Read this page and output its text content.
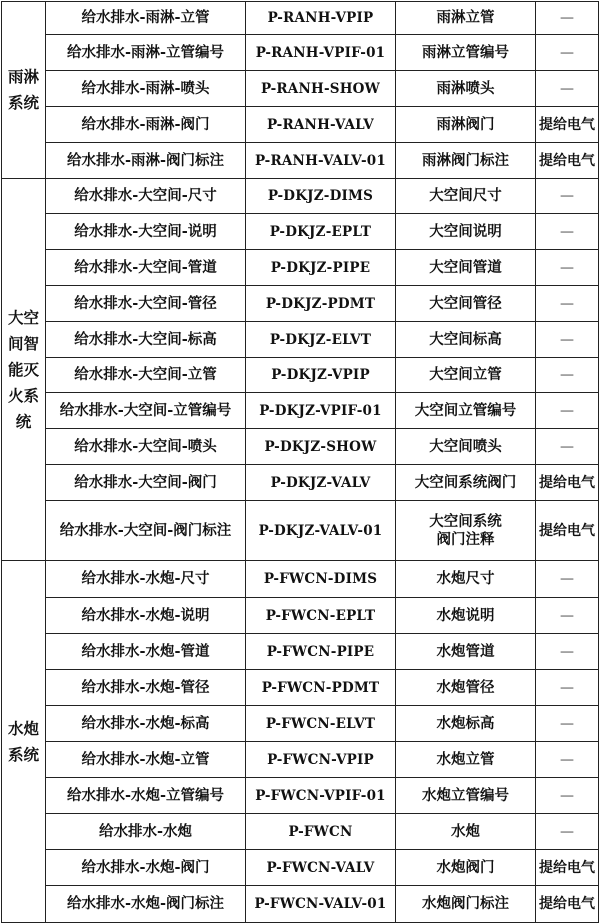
雨淋
系统	给水排水-雨淋-立管	P-RANH-VPIP	雨淋立管	—
	给水排水-雨淋-立管编号	P-RANH-VPIF-01	雨淋立管编号	—
	给水排水-雨淋-喷头	P-RANH-SHOW	雨淋喷头	—
	给水排水-雨淋-阀门	P-RANH-VALV	雨淋阀门	提给电气
	给水排水-雨淋-阀门标注	P-RANH-VALV-01	雨淋阀门标注	提给电气
大空
间智
能灭
火系
统	给水排水-大空间-尺寸	P-DKJZ-DIMS	大空间尺寸	—
	给水排水-大空间-说明	P-DKJZ-EPLT	大空间说明	—
	给水排水-大空间-管道	P-DKJZ-PIPE	大空间管道	—
	给水排水-大空间-管径	P-DKJZ-PDMT	大空间管径	—
	给水排水-大空间-标高	P-DKJZ-ELVT	大空间标高	—
	给水排水-大空间-立管	P-DKJZ-VPIP	大空间立管	—
	给水排水-大空间-立管编号	P-DKJZ-VPIF-01	大空间立管编号	—
	给水排水-大空间-喷头	P-DKJZ-SHOW	大空间喷头	—
	给水排水-大空间-阀门	P-DKJZ-VALV	大空间系统阀门	提给电气
	给水排水-大空间-阀门标注	P-DKJZ-VALV-01	大空间系统
阀门注释	提给电气
水炮
系统	给水排水-水炮-尺寸	P-FWCN-DIMS	水炮尺寸	—
	给水排水-水炮-说明	P-FWCN-EPLT	水炮说明	—
	给水排水-水炮-管道	P-FWCN-PIPE	水炮管道	—
	给水排水-水炮-管径	P-FWCN-PDMT	水炮管径	—
	给水排水-水炮-标高	P-FWCN-ELVT	水炮标高	—
	给水排水-水炮-立管	P-FWCN-VPIP	水炮立管	—
	给水排水-水炮-立管编号	P-FWCN-VPIF-01	水炮立管编号	—
	给水排水-水炮	P-FWCN	水炮	—
	给水排水-水炮-阀门	P-FWCN-VALV	水炮阀门	提给电气
	给水排水-水炮-阀门标注	P-FWCN-VALV-01	水炮阀门标注	提给电气
